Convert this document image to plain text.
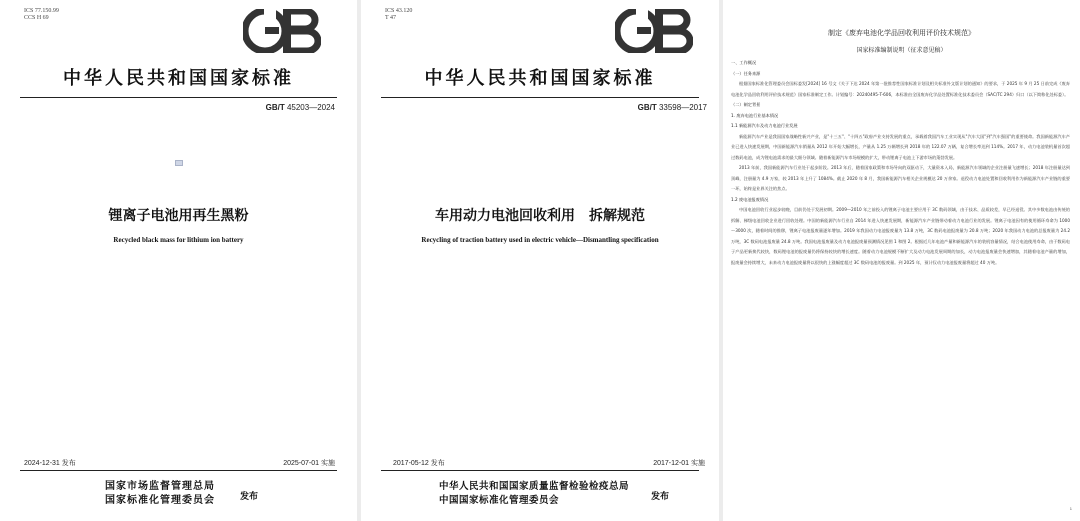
ICS 77.150.99
CCS H 69
中华人民共和国国家标准
GB/T 45203—2024
锂离子电池用再生黑粉
Recycled black mass for lithium ion battery
2024-12-31 发布	2025-07-01 实施
国家市场监督管理总局
国家标准化管理委员会	发布
ICS 43.120
T 47
中华人民共和国国家标准
GB/T 33598—2017
车用动力电池回收利用　拆解规范
Recycling of traction battery used in electric vehicle—Dismantling specification
2017-05-12 发布	2017-12-01 实施
中华人民共和国国家质量监督检验检疫总局
中国国家标准化管理委员会	发布
制定《废弃电池化学品回收利用评价技术规范》
国家标准编制说明（征求意见稿）

一、工作概况

（一）任务来源

根据国家标准化管理委员会国标委发[2024] 16 号文《关于下达 2024 年第一批推荐性国家标准计划及相关标准外文版计划的通知》的要求，于 2025 年 9 月 25 日前完成《废弃电池化学品回收利用评价技术规范》国家标准制定工作。计划编号：20240495-T-606，本标准由全国废弃化学品处置标准化技术委员会（SAC/TC 294）归口（以下简称化处标委）。

（二）制定背景

1. 废弃电池行业基本情况

1.1 新能源汽车及动力电池行业发展

新能源汽车产业是我国国家战略性新兴产业，是"十三五"、"十四五"政府产业支持发展的重点，承载着我国汽车工业实现从"汽车大国"到"汽车强国"的重要使命。我国新能源汽车产业已进入快速发展期，中国新能源汽车销量从 2012 年开始大幅增长，产量从 1.25 万辆增长到 2018 年的 122.07 万辆，复合增长率达到 114%。2017 年，动力电池装机量首次超过数码电池，成为锂电池需求的最大细分领域。随着新能源汽车市场规模的扩大，带动锂离子电池上下游市场的蓬勃发展。

2013 年前，我国新能源汽车行业处于起步阶段。2013 年后，随着国家政策和市场导向的双驱动下，大量资本入局，新能源汽车领域的企业注册量飞速增长；2018 年注册量达到顶峰，注册量为 4.9 万家，较 2013 年上升了 1084%。截止 2020 年 8 月，我国新能源汽车相关企业规模达 20 万余家。退役动力电池处置和回收利用作为新能源汽车产业链的重要一环，始终是业界关注的焦点。

1.2 废电池报废情况

中国电池回收行业起步较晚，目前仍处于发展初期。2009—2010 年之前投入的锂离子电池主要应用于 3C 数码领域，由于技术、品质较差，早已经退役。其中多数电池由传统的拆解、梯级电池回收企业进行回收处理。中国的新能源汽车行业自 2014 年进入快速发展期，新能源汽车产业链带动着动力电池行业的发展。锂离子电池因有的使用循环寿命为 1000～3000 次，随着时间的推移，锂离子电池报废量逐年增加。2019 年我国动力电池报废量为 13.8 万吨，3C 数码电池报废量为 20.8 万吨；2020 年我国动力电池的总报废量为 24.2 万吨，3C 数码电池报废量 24.8 万吨。我国电池报废量及动力电池报废量预测情况见图 1 和图 2。根据近几年电池产量和新能源汽车的装机容量情况，结合电池使用寿命，由于数码电子产品更新换代较快，数码锂电池的报废量仍将保持较快的增长速度。随着动力电池规模不断扩大及动力电池发展周期的加长，动力电池报废量会快速增加，其随着电池产量的增加，报废量会持续增大，未来动力电池报废量将以很快的上涨幅度超过 3C 数码电池的报废量。到 2025 年，预计仅动力电池报废量将超过 40 万吨。

1
